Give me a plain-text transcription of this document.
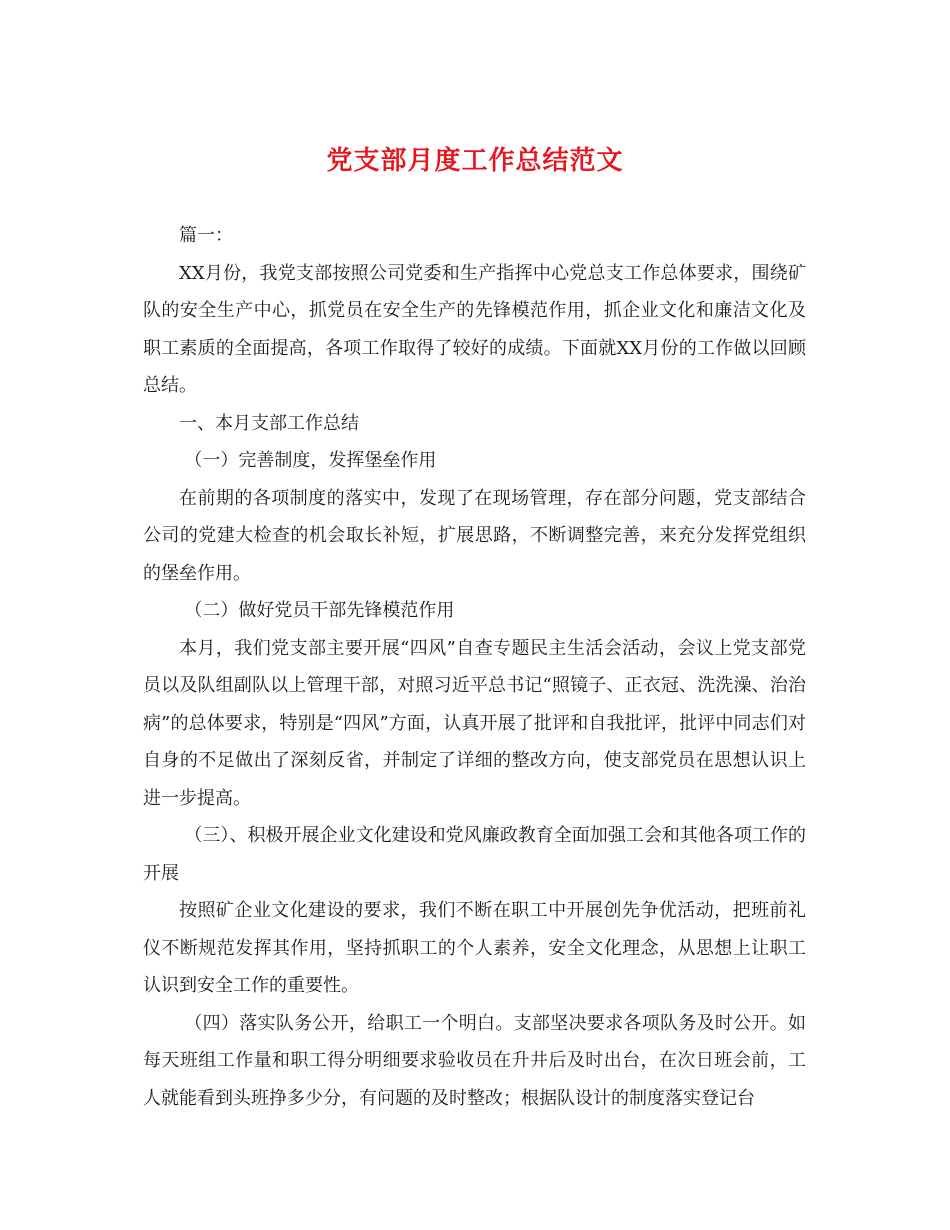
党支部月度工作总结范文

篇一：

XX月份，我党支部按照公司党委和生产指挥中心党总支工作总体要求，围绕矿队的安全生产中心，抓党员在安全生产的先锋模范作用，抓企业文化和廉洁文化及职工素质的全面提高，各项工作取得了较好的成绩。下面就XX月份的工作做以回顾总结。

一、本月支部工作总结

（一）完善制度，发挥堡垒作用

在前期的各项制度的落实中，发现了在现场管理，存在部分问题，党支部结合公司的党建大检查的机会取长补短，扩展思路，不断调整完善，来充分发挥党组织的堡垒作用。

（二）做好党员干部先锋模范作用

本月，我们党支部主要开展“四风”自查专题民主生活会活动，会议上党支部党员以及队组副队以上管理干部，对照习近平总书记“照镜子、正衣冠、洗洗澡、治治病”的总体要求，特别是“四风”方面，认真开展了批评和自我批评，批评中同志们对自身的不足做出了深刻反省，并制定了详细的整改方向，使支部党员在思想认识上进一步提高。

（三）、积极开展企业文化建设和党风廉政教育全面加强工会和其他各项工作的开展

按照矿企业文化建设的要求，我们不断在职工中开展创先争优活动，把班前礼仪不断规范发挥其作用，坚持抓职工的个人素养，安全文化理念，从思想上让职工认识到安全工作的重要性。

（四）落实队务公开，给职工一个明白。支部坚决要求各项队务及时公开。如每天班组工作量和职工得分明细要求验收员在升井后及时出台，在次日班会前，工人就能看到头班挣多少分，有问题的及时整改；根据队设计的制度落实登记台
